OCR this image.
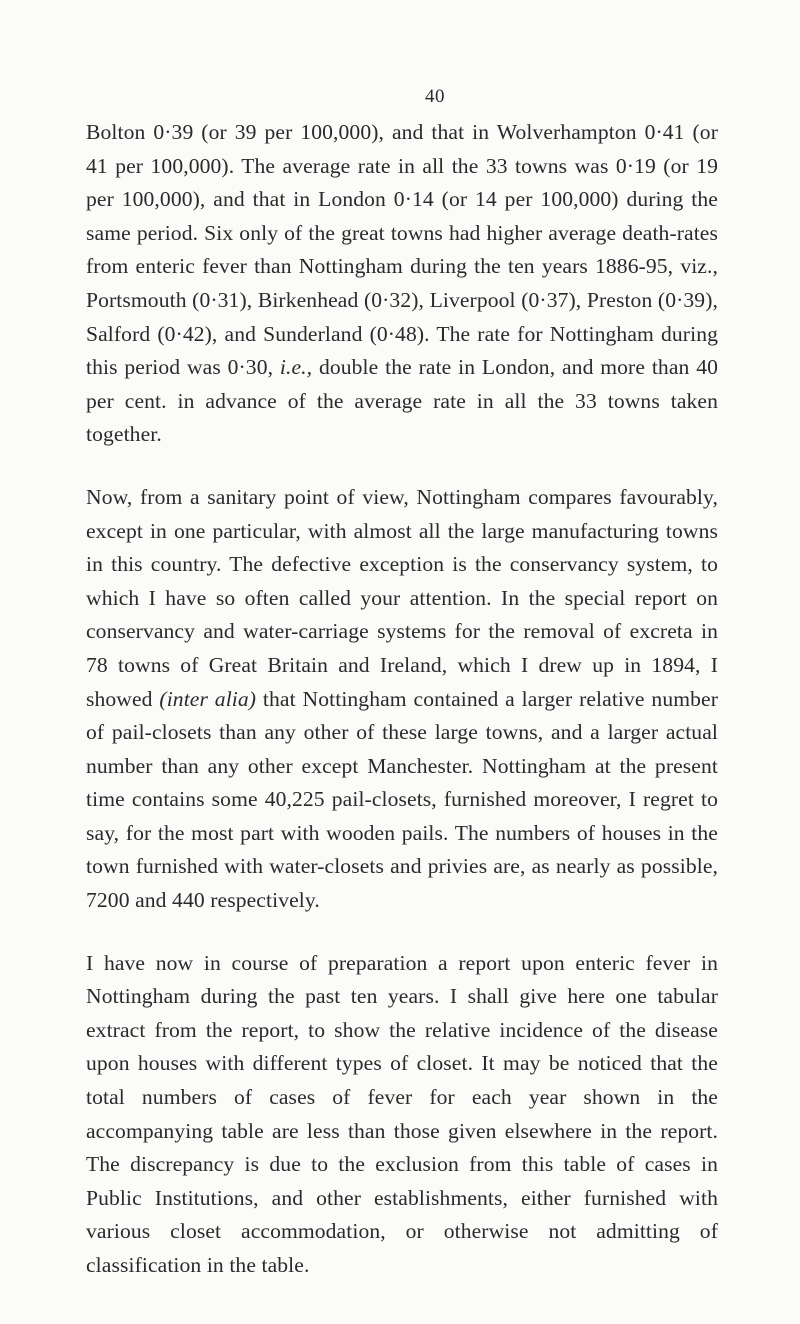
40

Bolton 0·39 (or 39 per 100,000), and that in Wolverhampton 0·41 (or 41 per 100,000). The average rate in all the 33 towns was 0·19 (or 19 per 100,000), and that in London 0·14 (or 14 per 100,000) during the same period. Six only of the great towns had higher average death-rates from enteric fever than Nottingham during the ten years 1886-95, viz., Portsmouth (0·31), Birkenhead (0·32), Liverpool (0·37), Preston (0·39), Salford (0·42), and Sunderland (0·48). The rate for Nottingham during this period was 0·30, i.e., double the rate in London, and more than 40 per cent. in advance of the average rate in all the 33 towns taken together.

Now, from a sanitary point of view, Nottingham compares favourably, except in one particular, with almost all the large manufacturing towns in this country. The defective exception is the conservancy system, to which I have so often called your attention. In the special report on conservancy and water-carriage systems for the removal of excreta in 78 towns of Great Britain and Ireland, which I drew up in 1894, I showed (inter alia) that Nottingham contained a larger relative number of pail-closets than any other of these large towns, and a larger actual number than any other except Manchester. Nottingham at the present time contains some 40,225 pail-closets, furnished moreover, I regret to say, for the most part with wooden pails. The numbers of houses in the town furnished with water-closets and privies are, as nearly as possible, 7200 and 440 respectively.

I have now in course of preparation a report upon enteric fever in Nottingham during the past ten years. I shall give here one tabular extract from the report, to show the relative incidence of the disease upon houses with different types of closet. It may be noticed that the total numbers of cases of fever for each year shown in the accompanying table are less than those given elsewhere in the report. The discrepancy is due to the exclusion from this table of cases in Public Institutions, and other establishments, either furnished with various closet accommodation, or otherwise not admitting of classification in the table.
